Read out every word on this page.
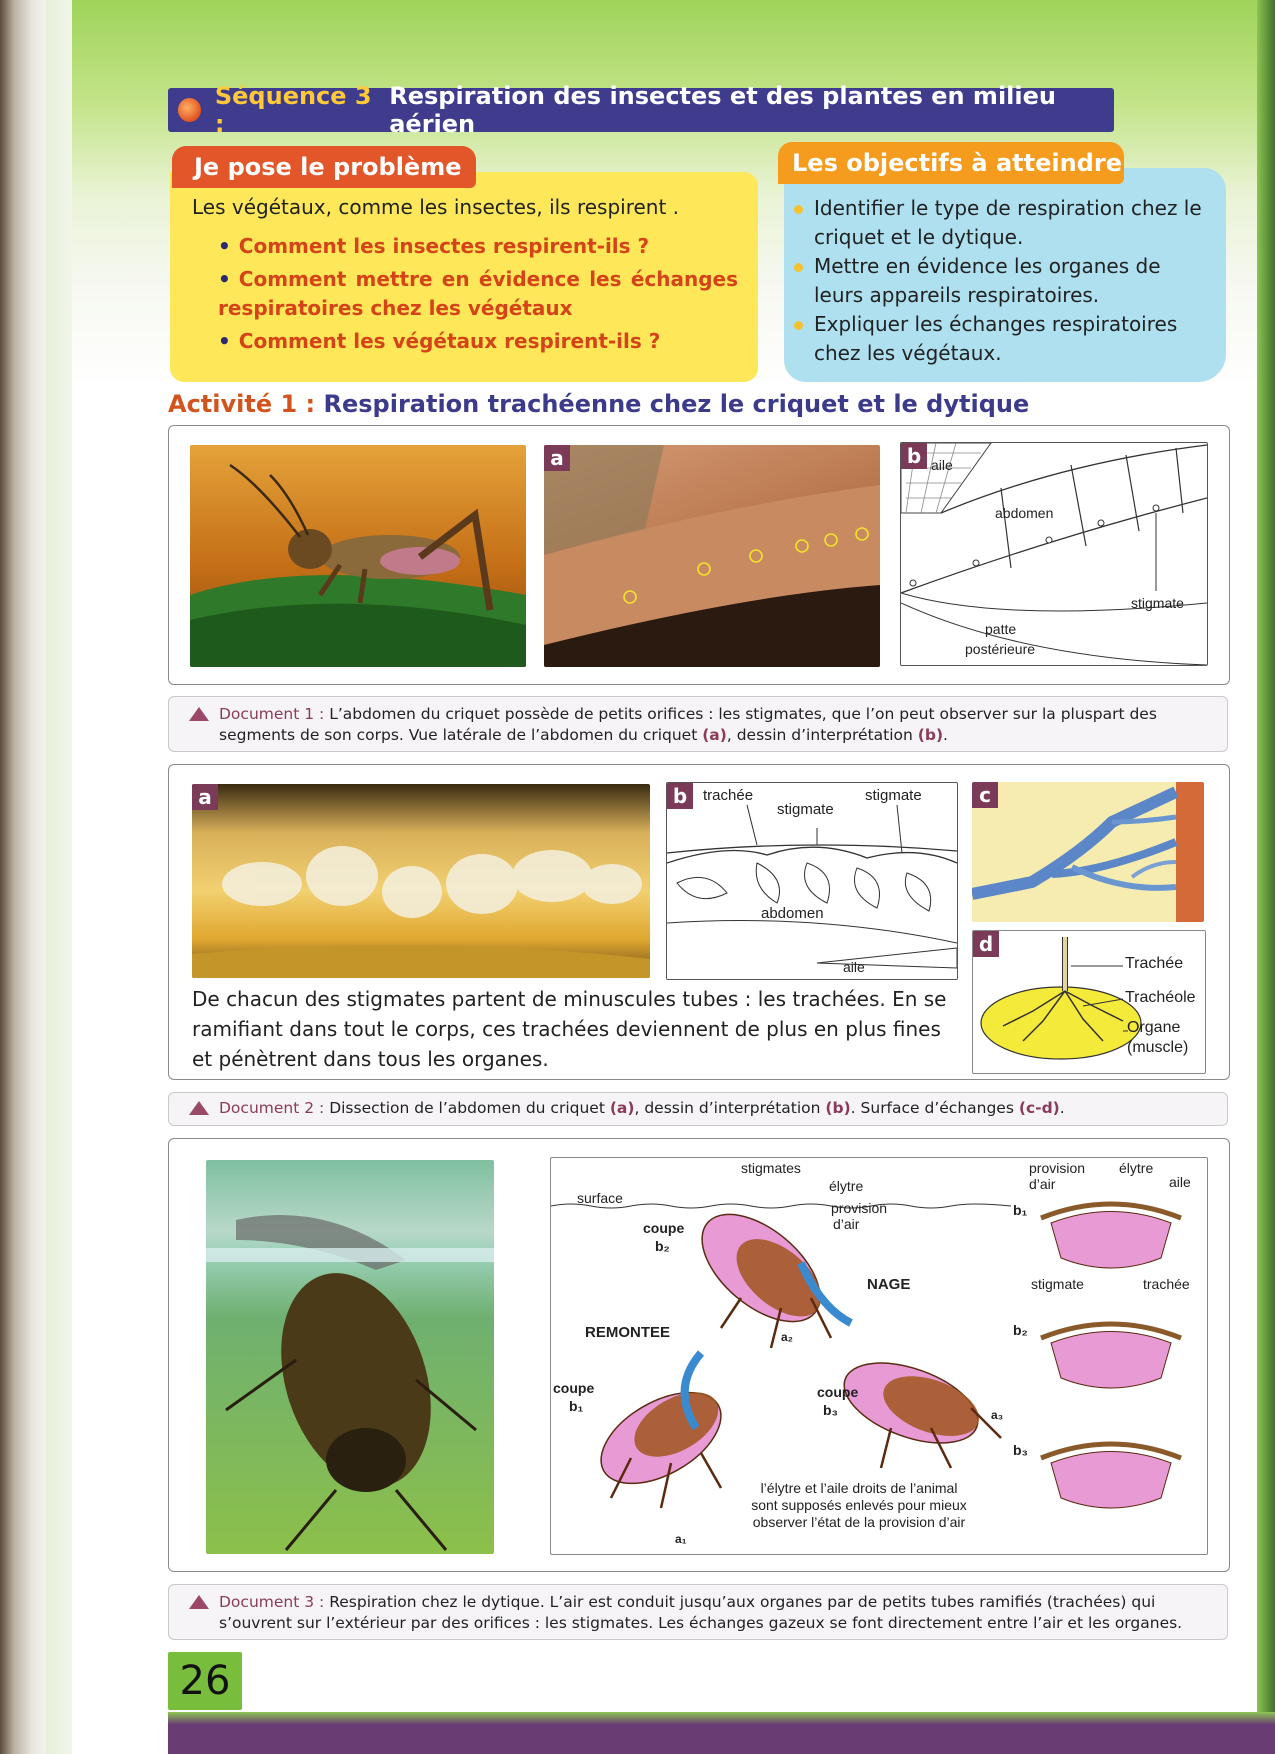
Séquence 3 :
Respiration des insectes et des plantes en milieu aérien
Je pose le problème
Les végétaux, comme les insectes, ils respirent .
• Comment les insectes respirent-ils ?
• Comment mettre en évidence les échanges respiratoires chez les végétaux
• Comment les végétaux respirent-ils ?
Les objectifs à atteindre
Identifier le type de respiration chez le criquet et le dytique.
Mettre en évidence les organes de leurs appareils respiratoires.
Expliquer les échanges respiratoires chez les végétaux.
Activité 1 : Respiration trachéenne chez le criquet et le dytique
a	aile
abdomen
stigmate
patte
postérieure
b
Document 1 : L’abdomen du criquet possède de petits orifices : les stigmates, que l’on peut observer sur la pluspart des segments de son corps. Vue latérale de l’abdomen du criquet (a), dessin d’interprétation (b).
a	trachée
stigmate
stigmate
abdomen
aile
b	c
Trachée
Trachéole
Organe
(muscle)
d
De chacun des stigmates partent de minuscules tubes : les trachées. En se ramifiant dans tout le corps, ces trachées deviennent de plus en plus fines et pénètrent dans tous les organes.
Document 2 : Dissection de l’abdomen du criquet (a), dessin d’interprétation (b). Surface d’échanges (c-d).
stigmates
élytre
surface
provision
d’air
coupe
b₂
NAGE
REMONTEE	a₂
coupe
b₁
coupe
b₃	a₃
a₁
l’élytre et l’aile droits de l’animal sont supposés enlevés pour mieux observer l’état de la provision d’air
provision
d’air
élytre
aile
stigmate	trachée
b₁
b₂
b₃
Document 3 : Respiration chez le dytique. L’air est conduit jusqu’aux organes par de petits tubes ramifiés (trachées) qui s’ouvrent sur l’extérieur par des orifices : les stigmates. Les échanges gazeux se font directement entre l’air et les organes.
26
